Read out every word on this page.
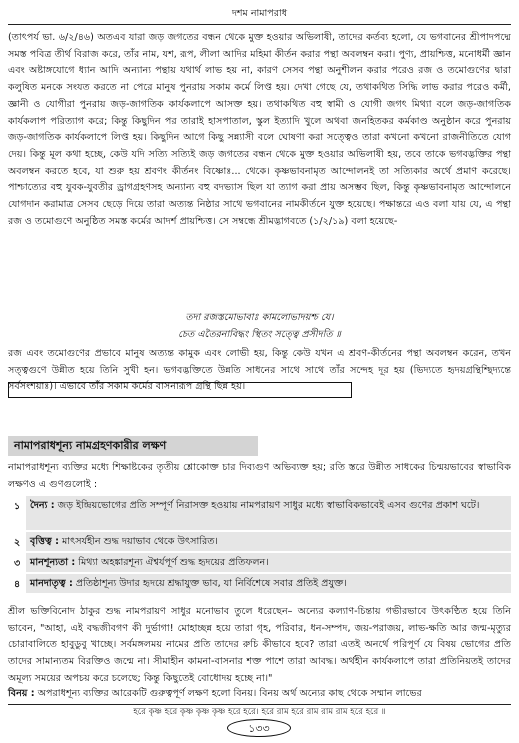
দশম নামাপরাধ

(তাৎপর্য ভা. ৬/২/৪৬) অতএব যারা জড় জগতের বন্ধন থেকে মুক্ত হওয়ার অভিলাষী, তাদের কর্তব্য হলো, যে ভগবানের শ্রীপাদপদ্মে সমস্ত পবিত্র তীর্থ বিরাজ করে, তাঁর নাম, যশ, রূপ, লীলা আদির মহিমা কীর্তন করার পন্থা অবলম্বন করা। পুণ্য, প্রায়শ্চিত্ত, মনোধর্মী জ্ঞান এবং অষ্টাঙ্গযোগে ধ্যান আদি অন্যান্য পন্থায় যথার্থ লাভ হয় না, কারণ সেসব পন্থা অনুশীলন করার পরেও রজ ও তমোগুণের দ্বারা কলুষিত মনকে সংযত করতে না পেরে মানুষ পুনরায় সকাম কর্মে লিপ্ত হয়। দেখা গেছে যে, তথাকথিত সিদ্ধি লাভ করার পরেও কর্মী, জ্ঞানী ও যোগীরা পুনরায় জড়-জাগতিক কার্যকলাপে আসক্ত হয়। তথাকথিত বহু স্বামী ও যোগী জগৎ মিথ্যা বলে জড়-জাগতিক কার্যকলাপ পরিত্যাগ করে; কিন্তু কিছুদিন পর তারাই হাসপাতাল, স্কুল ইত্যাদি খুলে অথবা জনহিতকর কর্মকাণ্ড অনুষ্ঠান করে পুনরায় জড়-জাগতিক কার্যকলাপে লিপ্ত হয়। কিছুদিন আগে কিছু সন্ন্যাসী বলে ঘোষণা করা সত্ত্বেও তারা কখনো কখনো রাজনীতিতে যোগ দেয়। কিন্তু মূল কথা হচ্ছে, কেউ যদি সত্যি সত্যিই জড় জগতের বন্ধন থেকে মুক্ত হওয়ার অভিলাষী হয়, তবে তাকে ভগবদ্ভক্তির পন্থা অবলম্বন করতে হবে, যা শুরু হয় শ্রবণং কীর্তনং বিষ্ণোঃ... থেকে। কৃষ্ণভাবনামৃত আন্দোলনই তা সত্যিকার অর্থে প্রমাণ করেছে। পাশ্চাত্যের বহু যুবক-যুবতীর ড্রাগগ্রহণসহ অন্যান্য বহু বদভ্যাস ছিল যা ত্যাগ করা প্রায় অসম্ভব ছিল, কিন্তু কৃষ্ণভাবনামৃত আন্দোলনে যোগদান করামাত্র সেসব ছেড়ে দিয়ে তারা অত্যন্ত নিষ্ঠার সাথে ভগবানের নামকীর্তনে যুক্ত হয়েছে। পক্ষান্তরে এও বলা যায় যে, এ পন্থা রজ ও তমোগুণে অনুষ্ঠিত সমস্ত কর্মের আদর্শ প্রায়শ্চিত্ত। সে সম্বন্ধে শ্রীমদ্ভাগবতে (১/২/১৯) বলা হয়েছে-

তদা রজস্তমোভাবাঃ কামলোভাদয়শ্চ যে।
চেত এতৈরনাবিদ্ধং স্থিতং সত্ত্বে প্রসীদতি ॥

রজ এবং তমোগুণের প্রভাবে মানুষ অত্যন্ত কামুক এবং লোভী হয়, কিন্তু কেউ যখন এ শ্রবণ-কীর্তনের পন্থা অবলম্বন করেন, তখন সত্ত্বগুণে উন্নীত হয়ে তিনি সুখী হন। ভগবদ্ভক্তিতে উন্নতি সাধনের সাথে সাথে তাঁর সন্দেহ দূর হয় (ভিদ্যতে হৃদয়গ্রন্থিশ্ছিদ্যন্তে সর্বসংশয়াঃ)। এভাবে তাঁর সকাম কর্মের বাসনারূপ গ্রন্থি ছিন্ন হয়।

নামাপরাধশূন্য নামগ্রহণকারীর লক্ষণ

নামাপরাধশূন্য ব্যক্তির মধ্যে শিক্ষাষ্টকের তৃতীয় শ্লোকোক্ত চার দিব্যগুণ অভিব্যক্ত হয়; রতি স্তরে উন্নীত সাধকের চিন্ময়ভাবের স্বাভাবিক লক্ষণও এ গুণগুলোই :

১	দৈন্য : জড় ইন্দ্রিয়ভোগের প্রতি সম্পূর্ণ নিরাসক্ত হওয়ায় নামপরায়ণ সাধুর মধ্যে স্বাভাবিকভাবেই এসব গুণের প্রকাশ ঘটে।
২	বৃত্তিত্ব : মাৎসর্যহীন শুদ্ধ দয়াভাব থেকে উৎসারিত।
৩	মানশূন্যতা : মিথ্যা অহঙ্কারশূন্য ঐশ্বর্যপূর্ণ শুদ্ধ হৃদয়ের প্রতিফলন।
৪	মানদাতৃত্ব : প্রতিষ্ঠাশূন্য উদার হৃদয়ে শ্রদ্ধাযুক্ত ভাব, যা নির্বিশেষে সবার প্রতিই প্রযুক্ত।

শ্রীল ভক্তিবিনোদ ঠাকুর শুদ্ধ নামপরায়ণ সাধুর মনোভাব তুলে ধরেছেন– অন্যের কল্যাণ-চিন্তায় গভীরভাবে উৎকণ্ঠিত হয়ে তিনি ভাবেন, "আহা, এই বদ্ধজীবগণ কী দুর্ভাগা! মোহাচ্ছন্ন হয়ে তারা গৃহ, পরিবার, ধন-সম্পদ, জয়-পরাজয়, লাভ-ক্ষতি আর জন্ম-মৃত্যুর চোরাবালিতে হাবুডুবু খাচ্ছে। সর্বমঙ্গলময় নামের প্রতি তাদের রুচি কীভাবে হবে? তারা এতই অনর্থে পরিপূর্ণ যে বিষয় ভোগের প্রতি তাদের সামান্যতম বিরক্তিও জন্মে না। সীমাহীন কামনা-বাসনার শক্ত পাশে তারা আবদ্ধ। অর্থহীন কার্যকলাপে তারা প্রতিনিয়তই তাদের অমূল্য সময়ের অপচয় করে চলেছে; কিন্তু কিছুতেই বোধোদয় হচ্ছে না।"

বিনয় : অপরাধশূন্য ব্যক্তির আরেকটি গুরুত্বপূর্ণ লক্ষণ হলো বিনয়। বিনয় অর্থ অন্যের কাছ থেকে সম্মান লাভের

হরে কৃষ্ণ হরে কৃষ্ণ কৃষ্ণ কৃষ্ণ হরে হরে। হরে রাম হরে রাম রাম রাম হরে হরে ॥
১৩৩
